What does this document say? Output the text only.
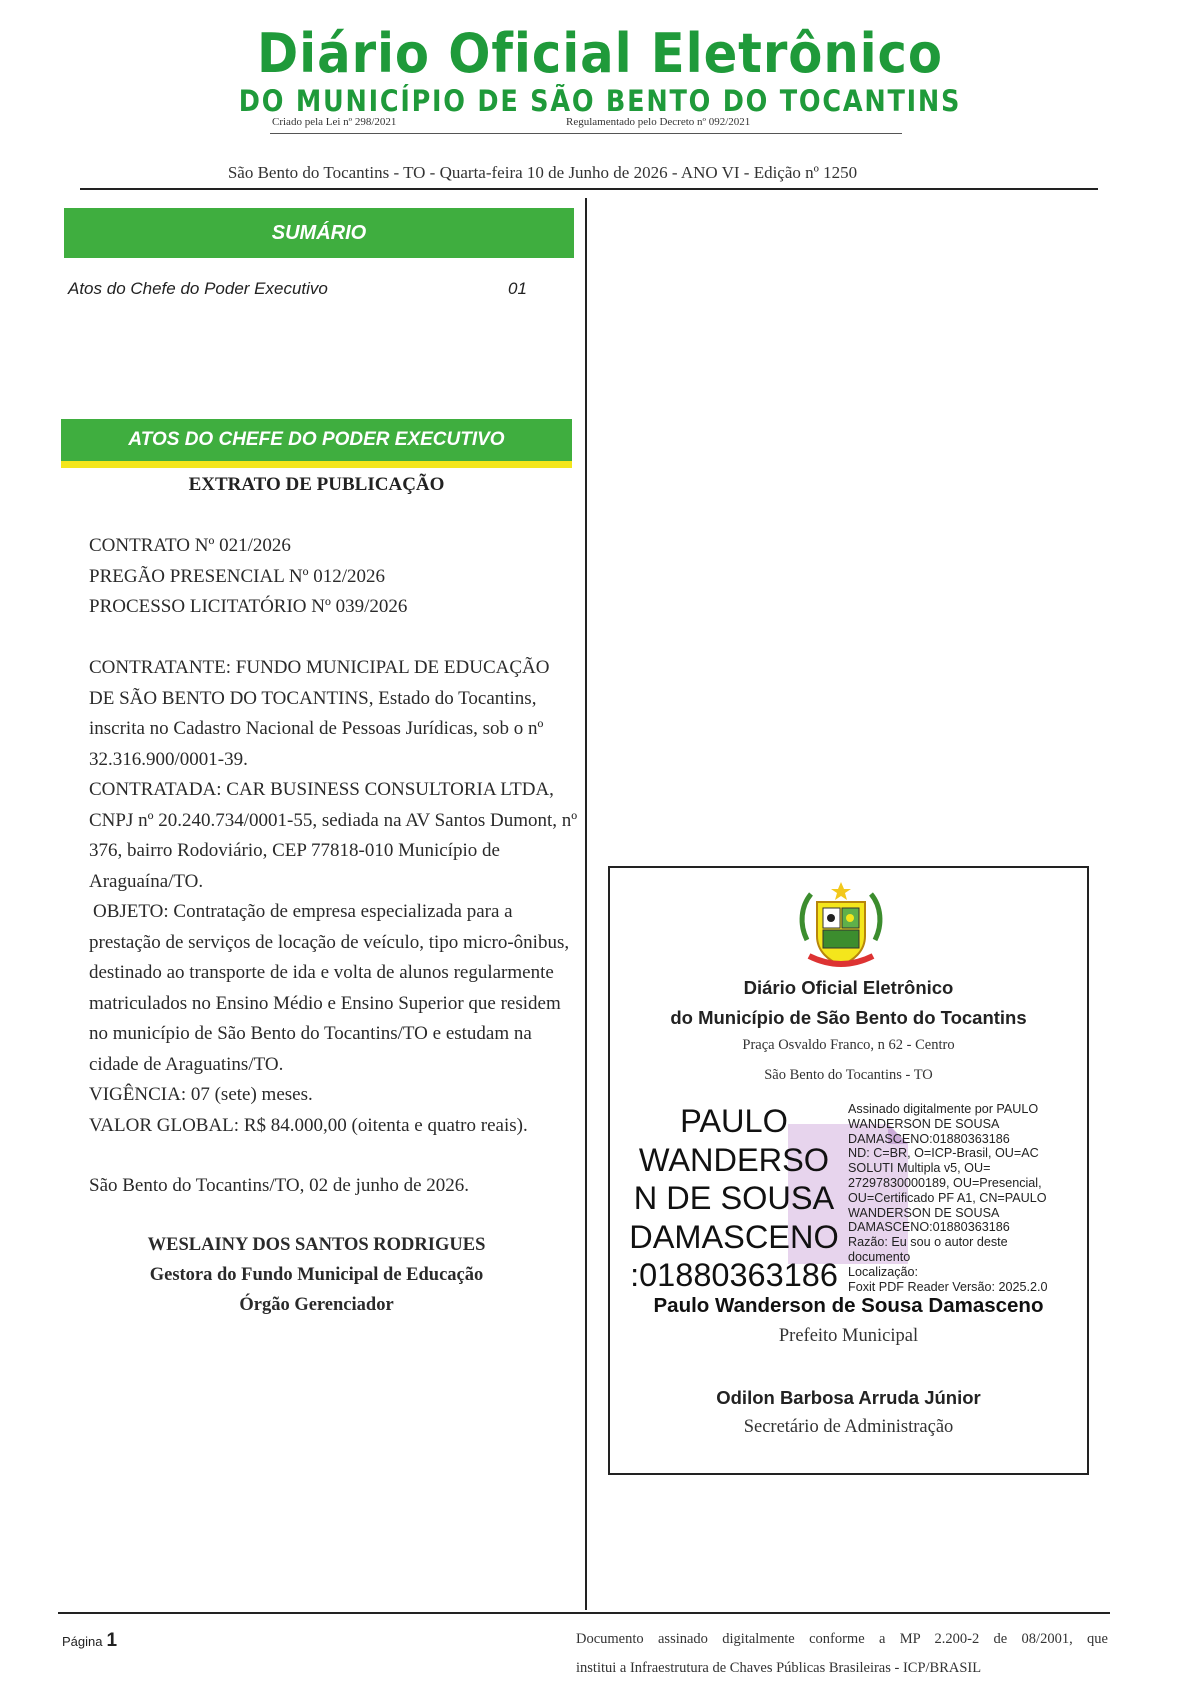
Diário Oficial Eletrônico
DO MUNICÍPIO DE SÃO BENTO DO TOCANTINS
Criado pela Lei nº 298/2021	Regulamentado pelo Decreto nº 092/2021
São Bento do Tocantins - TO - Quarta-feira 10 de Junho de 2026 - ANO VI - Edição nº 1250
SUMÁRIO
Atos do Chefe do Poder Executivo	01
ATOS DO CHEFE DO PODER EXECUTIVO
EXTRATO DE PUBLICAÇÃO

CONTRATO Nº 021/2026

PREGÃO PRESENCIAL Nº 012/2026

PROCESSO LICITATÓRIO Nº 039/2026

CONTRATANTE: FUNDO MUNICIPAL DE EDUCAÇÃO DE SÃO BENTO DO TOCANTINS, Estado do Tocantins, inscrita no Cadastro Nacional de Pessoas Jurídicas, sob o nº 32.316.900/0001-39.

CONTRATADA: CAR BUSINESS CONSULTORIA LTDA, CNPJ nº 20.240.734/0001-55, sediada na AV Santos Dumont, nº 376, bairro Rodoviário, CEP 77818-010 Município de Araguaína/TO.

OBJETO: Contratação de empresa especializada para a prestação de serviços de locação de veículo, tipo micro-ônibus, destinado ao transporte de ida e volta de alunos regularmente matriculados no Ensino Médio e Ensino Superior que residem no município de São Bento do Tocantins/TO e estudam na cidade de Araguatins/TO.

VIGÊNCIA: 07 (sete) meses.

VALOR GLOBAL: R$ 84.000,00 (oitenta e quatro reais).

São Bento do Tocantins/TO, 02 de junho de 2026.
WESLAINY DOS SANTOS RODRIGUES
Gestora do Fundo Municipal de Educação
Órgão Gerenciador
Diário Oficial Eletrônico
do Município de São Bento do Tocantins
Praça Osvaldo Franco, n 62 - Centro
São Bento do Tocantins - TO
PAULO
WANDERSO
N DE SOUSA
DAMASCENO
:01880363186
Assinado digitalmente por PAULO
WANDERSON DE SOUSA
DAMASCENO:01880363186
ND: C=BR, O=ICP-Brasil, OU=AC
SOLUTI Multipla v5, OU=
27297830000189, OU=Presencial,
OU=Certificado PF A1, CN=PAULO
WANDERSON DE SOUSA
DAMASCENO:01880363186
Razão: Eu sou o autor deste
documento
Localização:
Foxit PDF Reader Versão: 2025.2.0
Paulo Wanderson de Sousa Damasceno
Prefeito Municipal
Odilon Barbosa Arruda Júnior
Secretário de Administração
Página 1	Documento assinado digitalmente conforme a MP 2.200-2 de 08/2001, que
institui a Infraestrutura de Chaves Públicas Brasileiras - ICP/BRASIL
